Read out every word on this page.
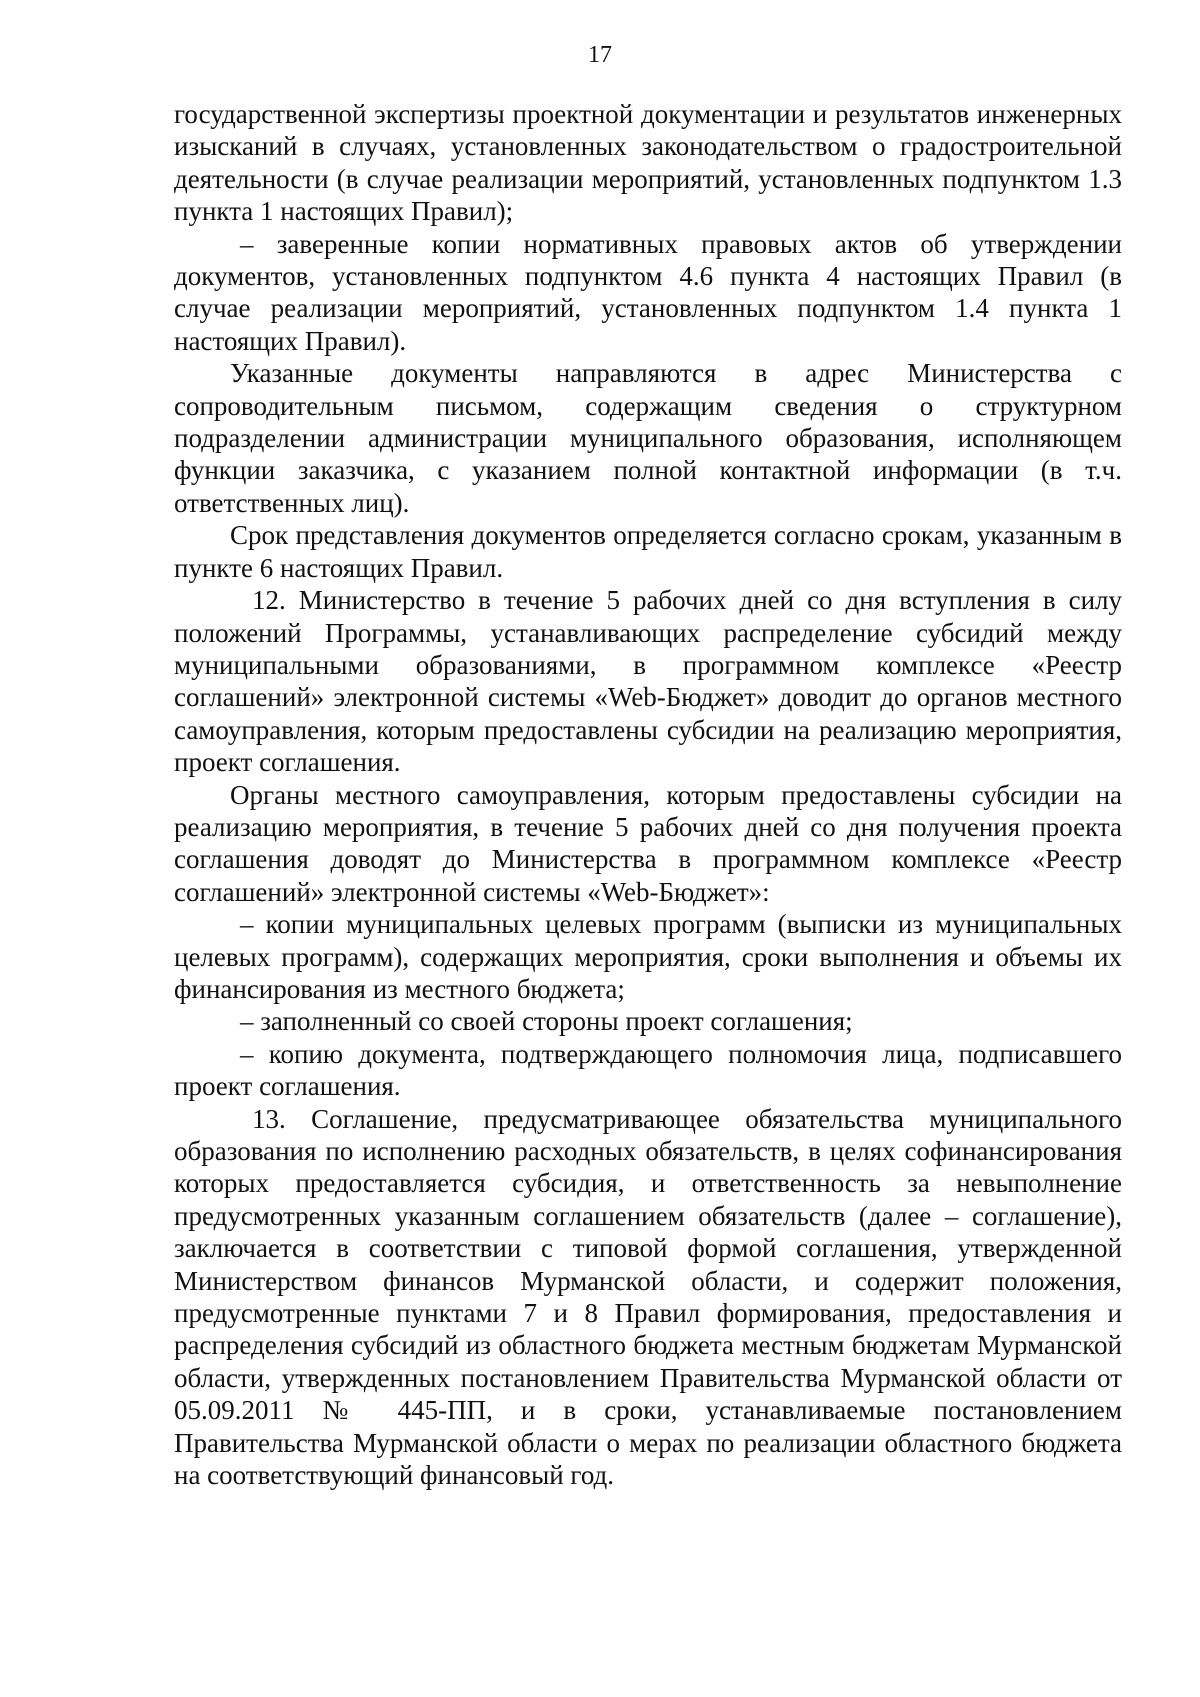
17

государственной экспертизы проектной документации и результатов инженерных изысканий в случаях, установленных законодательством о градостроительной деятельности (в случае реализации мероприятий, установленных подпунктом 1.3 пункта 1 настоящих Правил);

– заверенные копии нормативных правовых актов об утверждении документов, установленных подпунктом 4.6 пункта 4 настоящих Правил (в случае реализации мероприятий, установленных подпунктом 1.4 пункта 1 настоящих Правил).

Указанные документы направляются в адрес Министерства с сопроводительным письмом, содержащим сведения о структурном подразделении администрации муниципального образования, исполняющем функции заказчика, с указанием полной контактной информации (в т.ч. ответственных лиц).

Срок представления документов определяется согласно срокам, указанным в пункте 6 настоящих Правил.

12. Министерство в течение 5 рабочих дней со дня вступления в силу положений Программы, устанавливающих распределение субсидий между муниципальными образованиями, в программном комплексе «Реестр соглашений» электронной системы «Web-Бюджет» доводит до органов местного самоуправления, которым предоставлены субсидии на реализацию мероприятия, проект соглашения.

Органы местного самоуправления, которым предоставлены субсидии на реализацию мероприятия, в течение 5 рабочих дней со дня получения проекта соглашения доводят до Министерства в программном комплексе «Реестр соглашений» электронной системы «Web-Бюджет»:

– копии муниципальных целевых программ (выписки из муниципальных целевых программ), содержащих мероприятия, сроки выполнения и объемы их финансирования из местного бюджета;

– заполненный со своей стороны проект соглашения;

– копию документа, подтверждающего полномочия лица, подписавшего проект соглашения.

13. Соглашение, предусматривающее обязательства муниципального образования по исполнению расходных обязательств, в целях софинансирования которых предоставляется субсидия, и ответственность за невыполнение предусмотренных указанным соглашением обязательств (далее – соглашение), заключается в соответствии с типовой формой соглашения, утвержденной Министерством финансов Мурманской области, и содержит положения, предусмотренные пунктами 7 и 8 Правил формирования, предоставления и распределения субсидий из областного бюджета местным бюджетам Мурманской области, утвержденных постановлением Правительства Мурманской области от 05.09.2011 № 445-ПП, и в сроки, устанавливаемые постановлением Правительства Мурманской области о мерах по реализации областного бюджета на соответствующий финансовый год.
